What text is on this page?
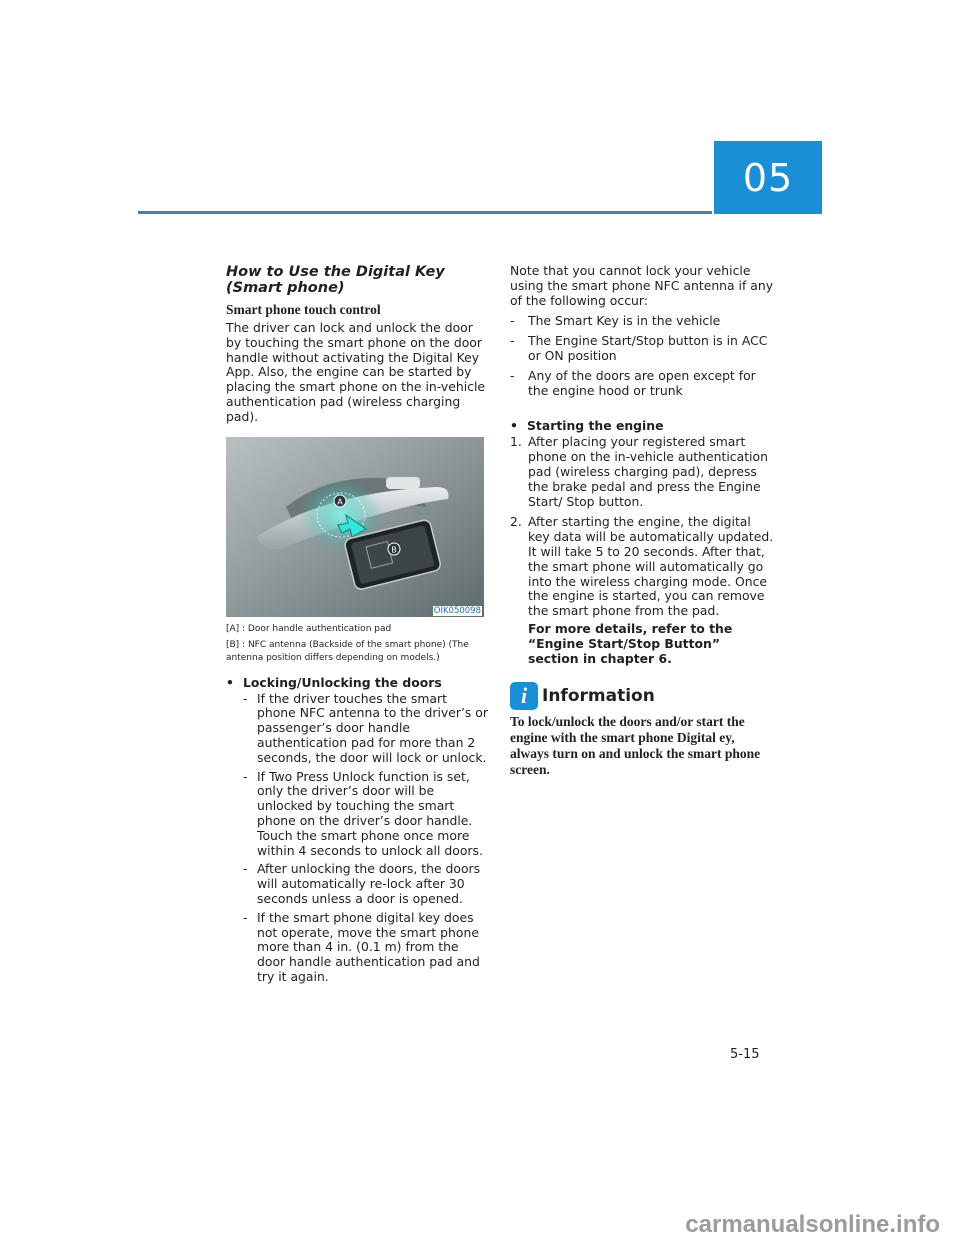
05
How to Use the Digital Key (Smart phone)
Smart phone touch control

The driver can lock and unlock the door by touching the smart phone on the door handle without activating the Digital Key App. Also, the engine can be started by placing the smart phone on the in-vehicle authentication pad (wireless charging pad).

A
B
OIK050098

[A] : Door handle authentication pad

[B] : NFC antenna (Backside of the smart phone) (The antenna position differs depending on models.)

• Locking/Unlocking the doors
- If the driver touches the smart phone NFC antenna to the driver’s or passenger’s door handle authentication pad for more than 2 seconds, the door will lock or unlock.
- If Two Press Unlock function is set, only the driver’s door will be unlocked by touching the smart phone on the driver’s door handle. Touch the smart phone once more within 4 seconds to unlock all doors.
- After unlocking the doors, the doors will automatically re-lock after 30 seconds unless a door is opened.
- If the smart phone digital key does not operate, move the smart phone more than 4 in. (0.1 m) from the door handle authentication pad and try it again.

Note that you cannot lock your vehicle using the smart phone NFC antenna if any of the following occur:

-	The Smart Key is in the vehicle
-	The Engine Start/Stop button is in ACC or ON position
-	Any of the doors are open except for the engine hood or trunk
• Starting the engine
1. After placing your registered smart phone on the in-vehicle authentication pad (wireless charging pad), depress the brake pedal and press the Engine Start/ Stop button.
2. After starting the engine, the digital key data will be automatically updated. It will take 5 to 20 seconds. After that, the smart phone will automatically go into the wireless charging mode. Once the engine is started, you can remove the smart phone from the pad.
For more details, refer to the “Engine Start/Stop Button” section in chapter 6.
i Information

To lock/unlock the doors and/or start the engine with the smart phone Digital ey, always turn on and unlock the smart phone screen.

5-15
carmanualsonline.info
